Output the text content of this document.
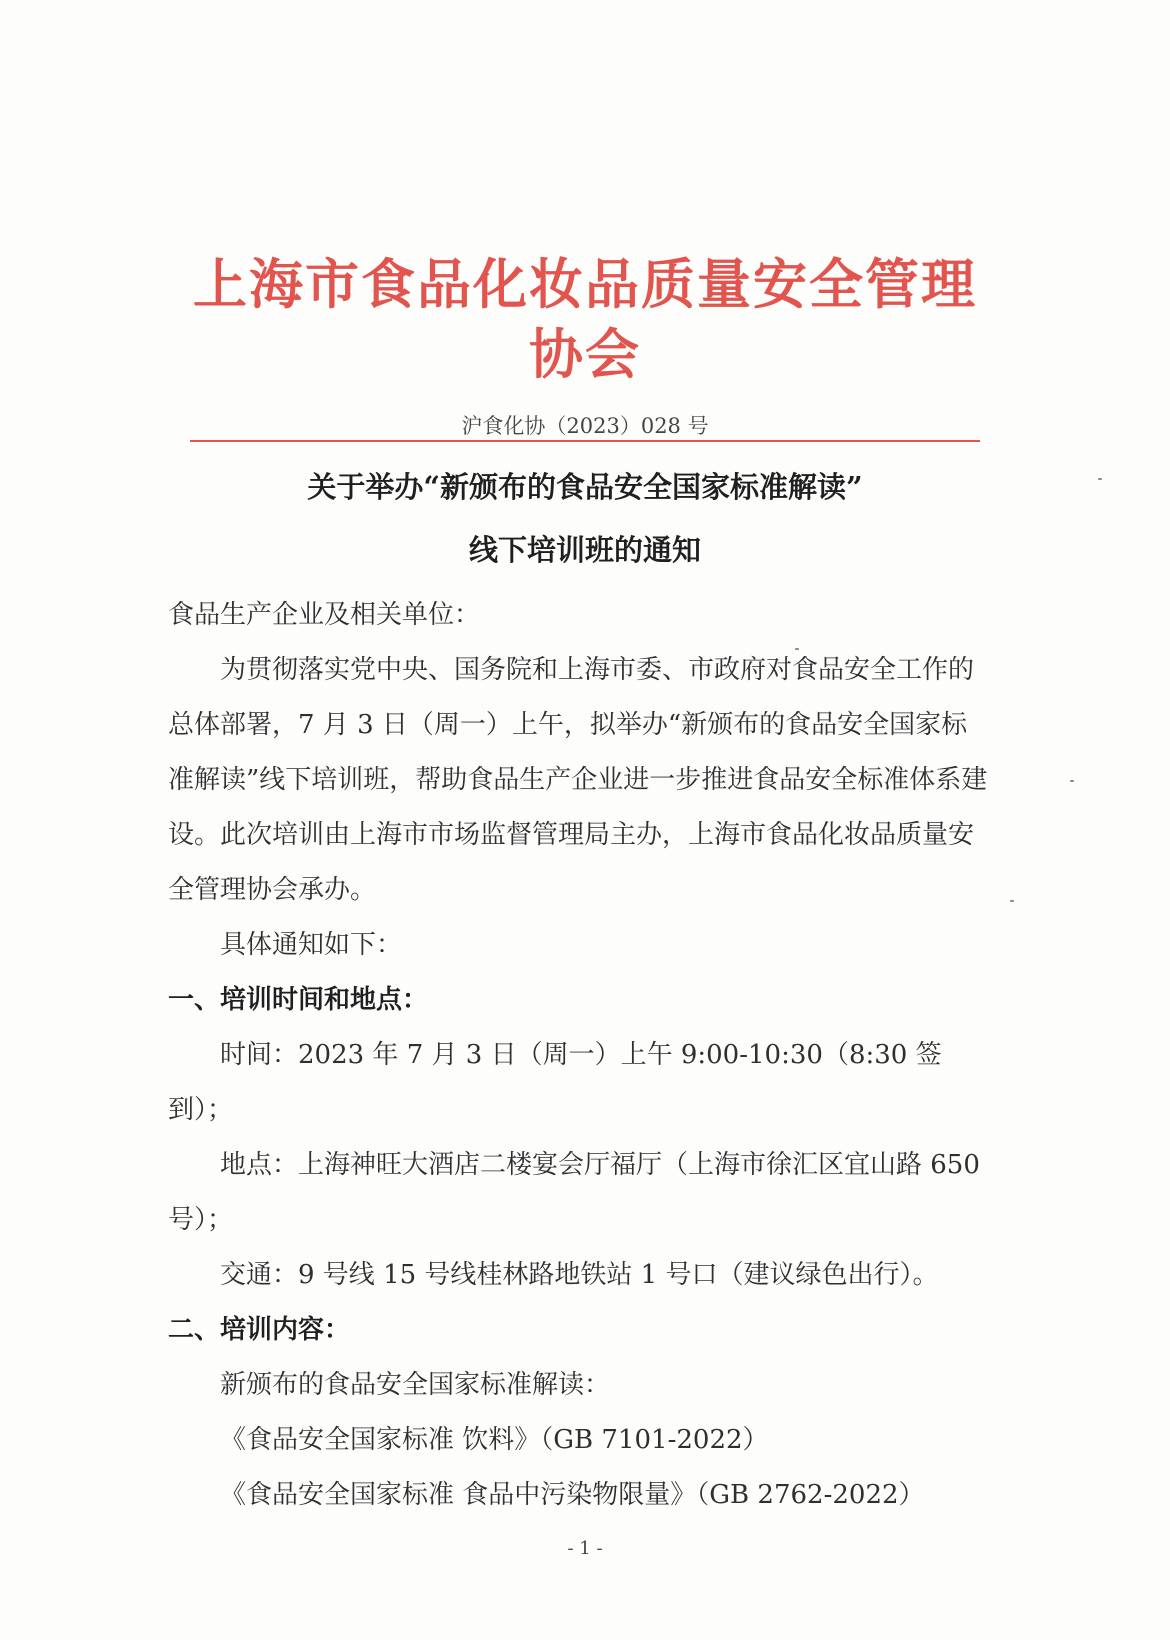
上海市食品化妆品质量安全管理协会
沪食化协（2023）028 号
关于举办“新颁布的食品安全国家标准解读”
线下培训班的通知

食品生产企业及相关单位：

为贯彻落实党中央、国务院和上海市委、市政府对食品安全工作的总体部署，7 月 3 日（周一）上午，拟举办“新颁布的食品安全国家标准解读”线下培训班，帮助食品生产企业进一步推进食品安全标准体系建设。此次培训由上海市市场监督管理局主办，上海市食品化妆品质量安全管理协会承办。

具体通知如下：

一、培训时间和地点：

时间：2023 年 7 月 3 日（周一）上午 9:00-10:30（8:30 签到）；

地点：上海神旺大酒店二楼宴会厅福厅（上海市徐汇区宜山路 650 号）；

交通：9 号线 15 号线桂林路地铁站 1 号口（建议绿色出行）。

二、培训内容：

新颁布的食品安全国家标准解读：

《食品安全国家标准 饮料》（GB 7101-2022）

《食品安全国家标准 食品中污染物限量》（GB 2762-2022）

- 1 -
